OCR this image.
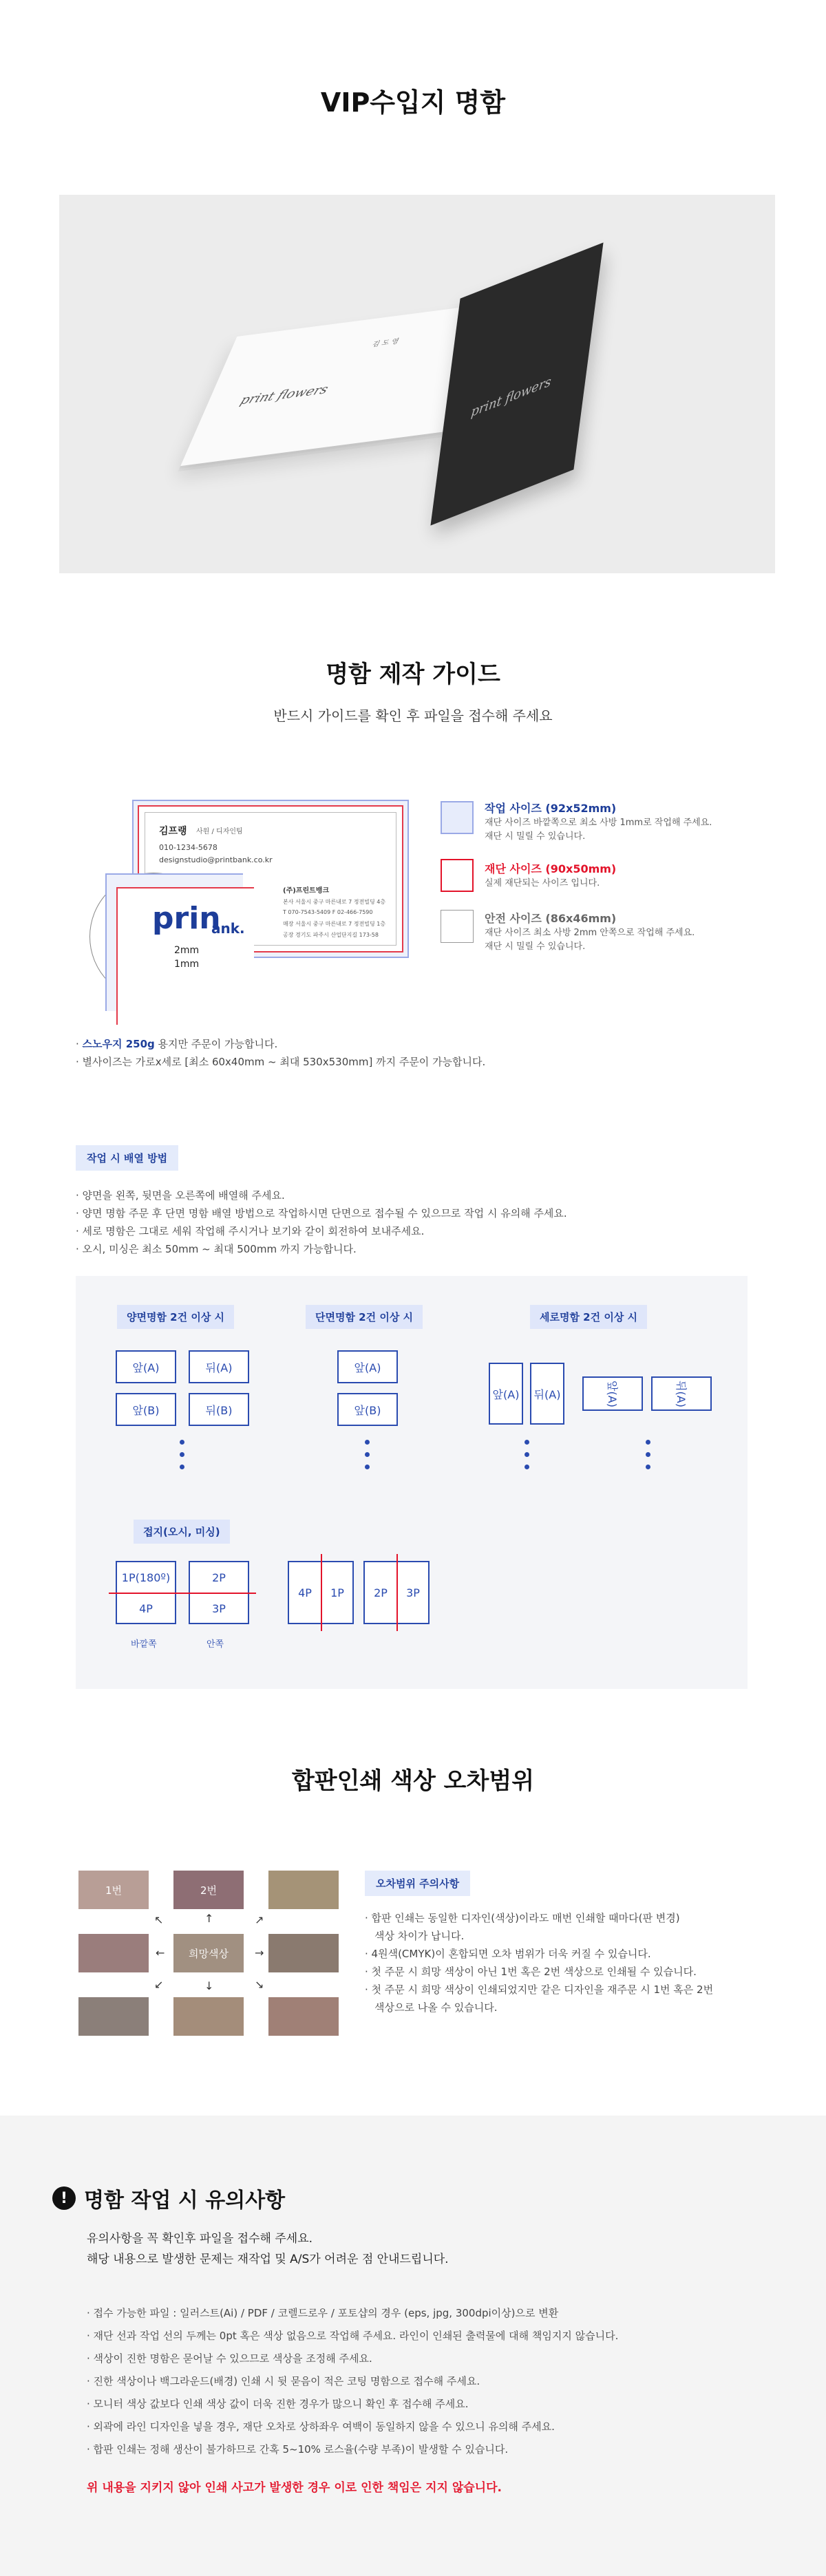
VIP수입지 명함
김 도 영
print flowers	print flowers
명함 제작 가이드
반드시 가이드를 확인 후 파일을 접수해 주세요
김프랭 사원 / 디자인팀
010-1234-5678
designstudio@printbank.co.kr
(주)프린트뱅크
본사 서울시 중구 마른내로 7 정전빌딩 4층
T 070-7543-5409 F 02-466-7590
매장 서울시 중구 마른내로 7 정전빌딩 1층
공장 경기도 파주시 산업단지길 173-58
prin
ank.
2mm
1mm
작업 사이즈 (92x52mm)
재단 사이즈 바깥쪽으로 최소 사방 1mm로 작업해 주세요.
재단 시 밀릴 수 있습니다.
재단 사이즈 (90x50mm)
실제 재단되는 사이즈 입니다.
안전 사이즈 (86x46mm)
재단 사이즈 최소 사방 2mm 안쪽으로 작업해 주세요.
재단 시 밀릴 수 있습니다.
· 스노우지 250g 용지만 주문이 가능합니다.
· 별사이즈는 가로x세로 [최소 60x40mm ~ 최대 530x530mm] 까지 주문이 가능합니다.
작업 시 배열 방법
· 양면을 왼쪽, 뒷면을 오른쪽에 배열해 주세요.
· 양면 명함 주문 후 단면 명함 배열 방법으로 작업하시면 단면으로 접수될 수 있으므로 작업 시 유의해 주세요.
· 세로 명함은 그대로 세워 작업해 주시거나 보기와 같이 회전하여 보내주세요.
· 오시, 미싱은 최소 50mm ~ 최대 500mm 까지 가능합니다.
양면명함 2건 이상 시
앞(A)	뒤(A)
앞(B)	뒤(B)
단면명함 2건 이상 시
앞(A)
앞(B)
세로명함 2건 이상 시
앞(A)	뒤(A)	앞(A)	뒤(A)
접지(오시, 미싱)
1P(180º)	2P
4P	3P
바깥쪽	안쪽
4P	1P	2P	3P
합판인쇄 색상 오차범위
1번	2번
희망색상
↖	↑	↗
←	→
↙	↓	↘
오차범위 주의사항
· 합판 인쇄는 동일한 디자인(색상)이라도 매번 인쇄할 때마다(판 변경)
색상 차이가 납니다.
· 4원색(CMYK)이 혼합되면 오차 범위가 더욱 커질 수 있습니다.
· 첫 주문 시 희망 색상이 아닌 1번 혹은 2번 색상으로 인쇄될 수 있습니다.
· 첫 주문 시 희망 색상이 인쇄되었지만 같은 디자인을 재주문 시 1번 혹은 2번
색상으로 나올 수 있습니다.
! 명함 작업 시 유의사항
유의사항을 꼭 확인후 파일을 접수해 주세요.
해당 내용으로 발생한 문제는 재작업 및 A/S가 어려운 점 안내드립니다.
· 접수 가능한 파일 : 일러스트(Ai) / PDF / 코렐드로우 / 포토샵의 경우 (eps, jpg, 300dpi이상)으로 변환
· 재단 선과 작업 선의 두께는 0pt 혹은 색상 없음으로 작업해 주세요. 라인이 인쇄된 출력물에 대해 책임지지 않습니다.
· 색상이 진한 명함은 묻어날 수 있으므로 색상을 조정해 주세요.
· 진한 색상이나 백그라운드(배경) 인쇄 시 뒷 묻음이 적은 코팅 명함으로 접수해 주세요.
· 모니터 색상 값보다 인쇄 색상 값이 더욱 진한 경우가 많으니 확인 후 접수해 주세요.
· 외곽에 라인 디자인을 넣을 경우, 재단 오차로 상하좌우 여백이 동일하지 않을 수 있으니 유의해 주세요.
· 합판 인쇄는 정해 생산이 불가하므로 간혹 5~10% 로스율(수량 부족)이 발생할 수 있습니다.
위 내용을 지키지 않아 인쇄 사고가 발생한 경우 이로 인한 책임은 지지 않습니다.
